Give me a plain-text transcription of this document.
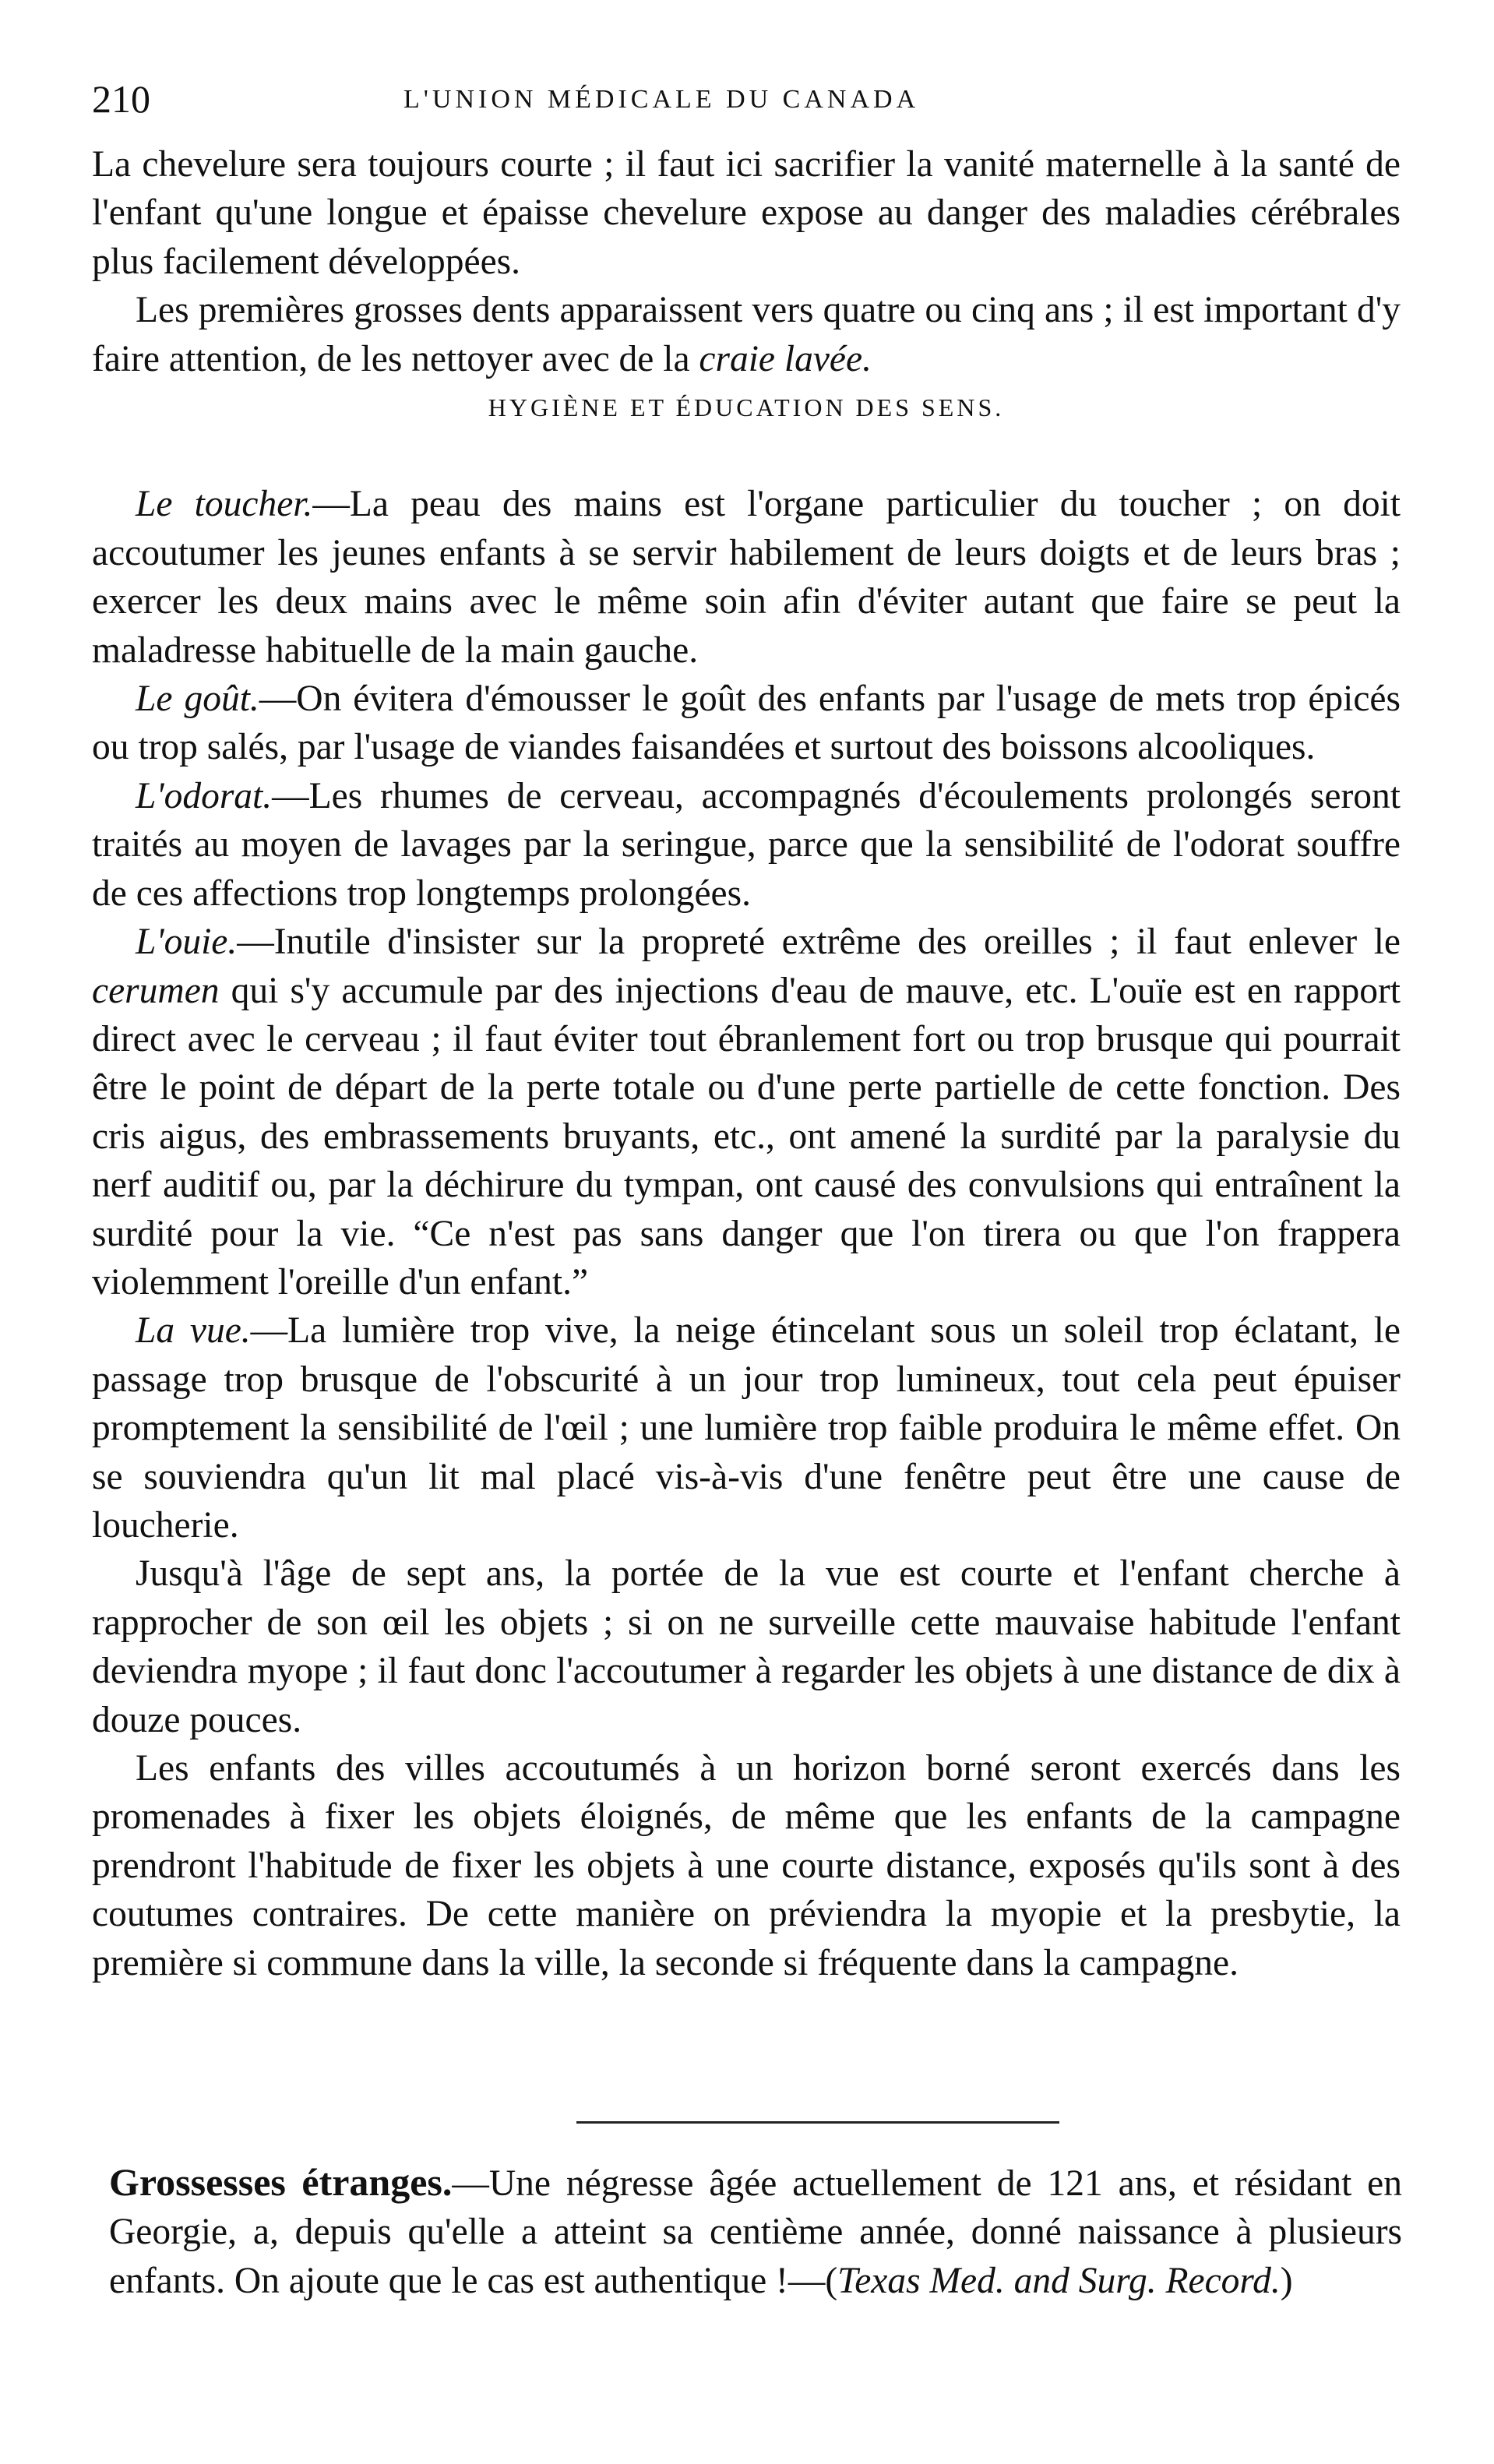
210	L'UNION MÉDICALE DU CANADA

La chevelure sera toujours courte ; il faut ici sacrifier la vanité maternelle à la santé de l'enfant qu'une longue et épaisse chevelure expose au danger des maladies cérébrales plus facilement développées.

Les premières grosses dents apparaissent vers quatre ou cinq ans ; il est important d'y faire attention, de les nettoyer avec de la craie lavée.

HYGIÈNE ET ÉDUCATION DES SENS.

Le toucher.—La peau des mains est l'organe particulier du toucher ; on doit accoutumer les jeunes enfants à se servir habilement de leurs doigts et de leurs bras ; exercer les deux mains avec le même soin afin d'éviter autant que faire se peut la maladresse habituelle de la main gauche.

Le goût.—On évitera d'émousser le goût des enfants par l'usage de mets trop épicés ou trop salés, par l'usage de viandes faisandées et surtout des boissons alcooliques.

L'odorat.—Les rhumes de cerveau, accompagnés d'écoulements prolongés seront traités au moyen de lavages par la seringue, parce que la sensibilité de l'odorat souffre de ces affections trop longtemps prolongées.

L'ouie.—Inutile d'insister sur la propreté extrême des oreilles ; il faut enlever le cerumen qui s'y accumule par des injections d'eau de mauve, etc. L'ouïe est en rapport direct avec le cerveau ; il faut éviter tout ébranlement fort ou trop brusque qui pourrait être le point de départ de la perte totale ou d'une perte partielle de cette fonction. Des cris aigus, des embrassements bruyants, etc., ont amené la surdité par la paralysie du nerf auditif ou, par la déchirure du tympan, ont causé des convulsions qui entraînent la surdité pour la vie. “Ce n'est pas sans danger que l'on tirera ou que l'on frappera violemment l'oreille d'un enfant.”

La vue.—La lumière trop vive, la neige étincelant sous un soleil trop éclatant, le passage trop brusque de l'obscurité à un jour trop lumineux, tout cela peut épuiser promptement la sensibilité de l'œil ; une lumière trop faible produira le même effet. On se souviendra qu'un lit mal placé vis-à-vis d'une fenêtre peut être une cause de loucherie.

Jusqu'à l'âge de sept ans, la portée de la vue est courte et l'enfant cherche à rapprocher de son œil les objets ; si on ne surveille cette mauvaise habitude l'enfant deviendra myope ; il faut donc l'accoutumer à regarder les objets à une distance de dix à douze pouces.

Les enfants des villes accoutumés à un horizon borné seront exercés dans les promenades à fixer les objets éloignés, de même que les enfants de la campagne prendront l'habitude de fixer les objets à une courte distance, exposés qu'ils sont à des coutumes contraires. De cette manière on préviendra la myopie et la presbytie, la première si commune dans la ville, la seconde si fréquente dans la campagne.

Grossesses étranges.—Une négresse âgée actuellement de 121 ans, et résidant en Georgie, a, depuis qu'elle a atteint sa centième année, donné naissance à plusieurs enfants. On ajoute que le cas est authentique !—(Texas Med. and Surg. Record.)
